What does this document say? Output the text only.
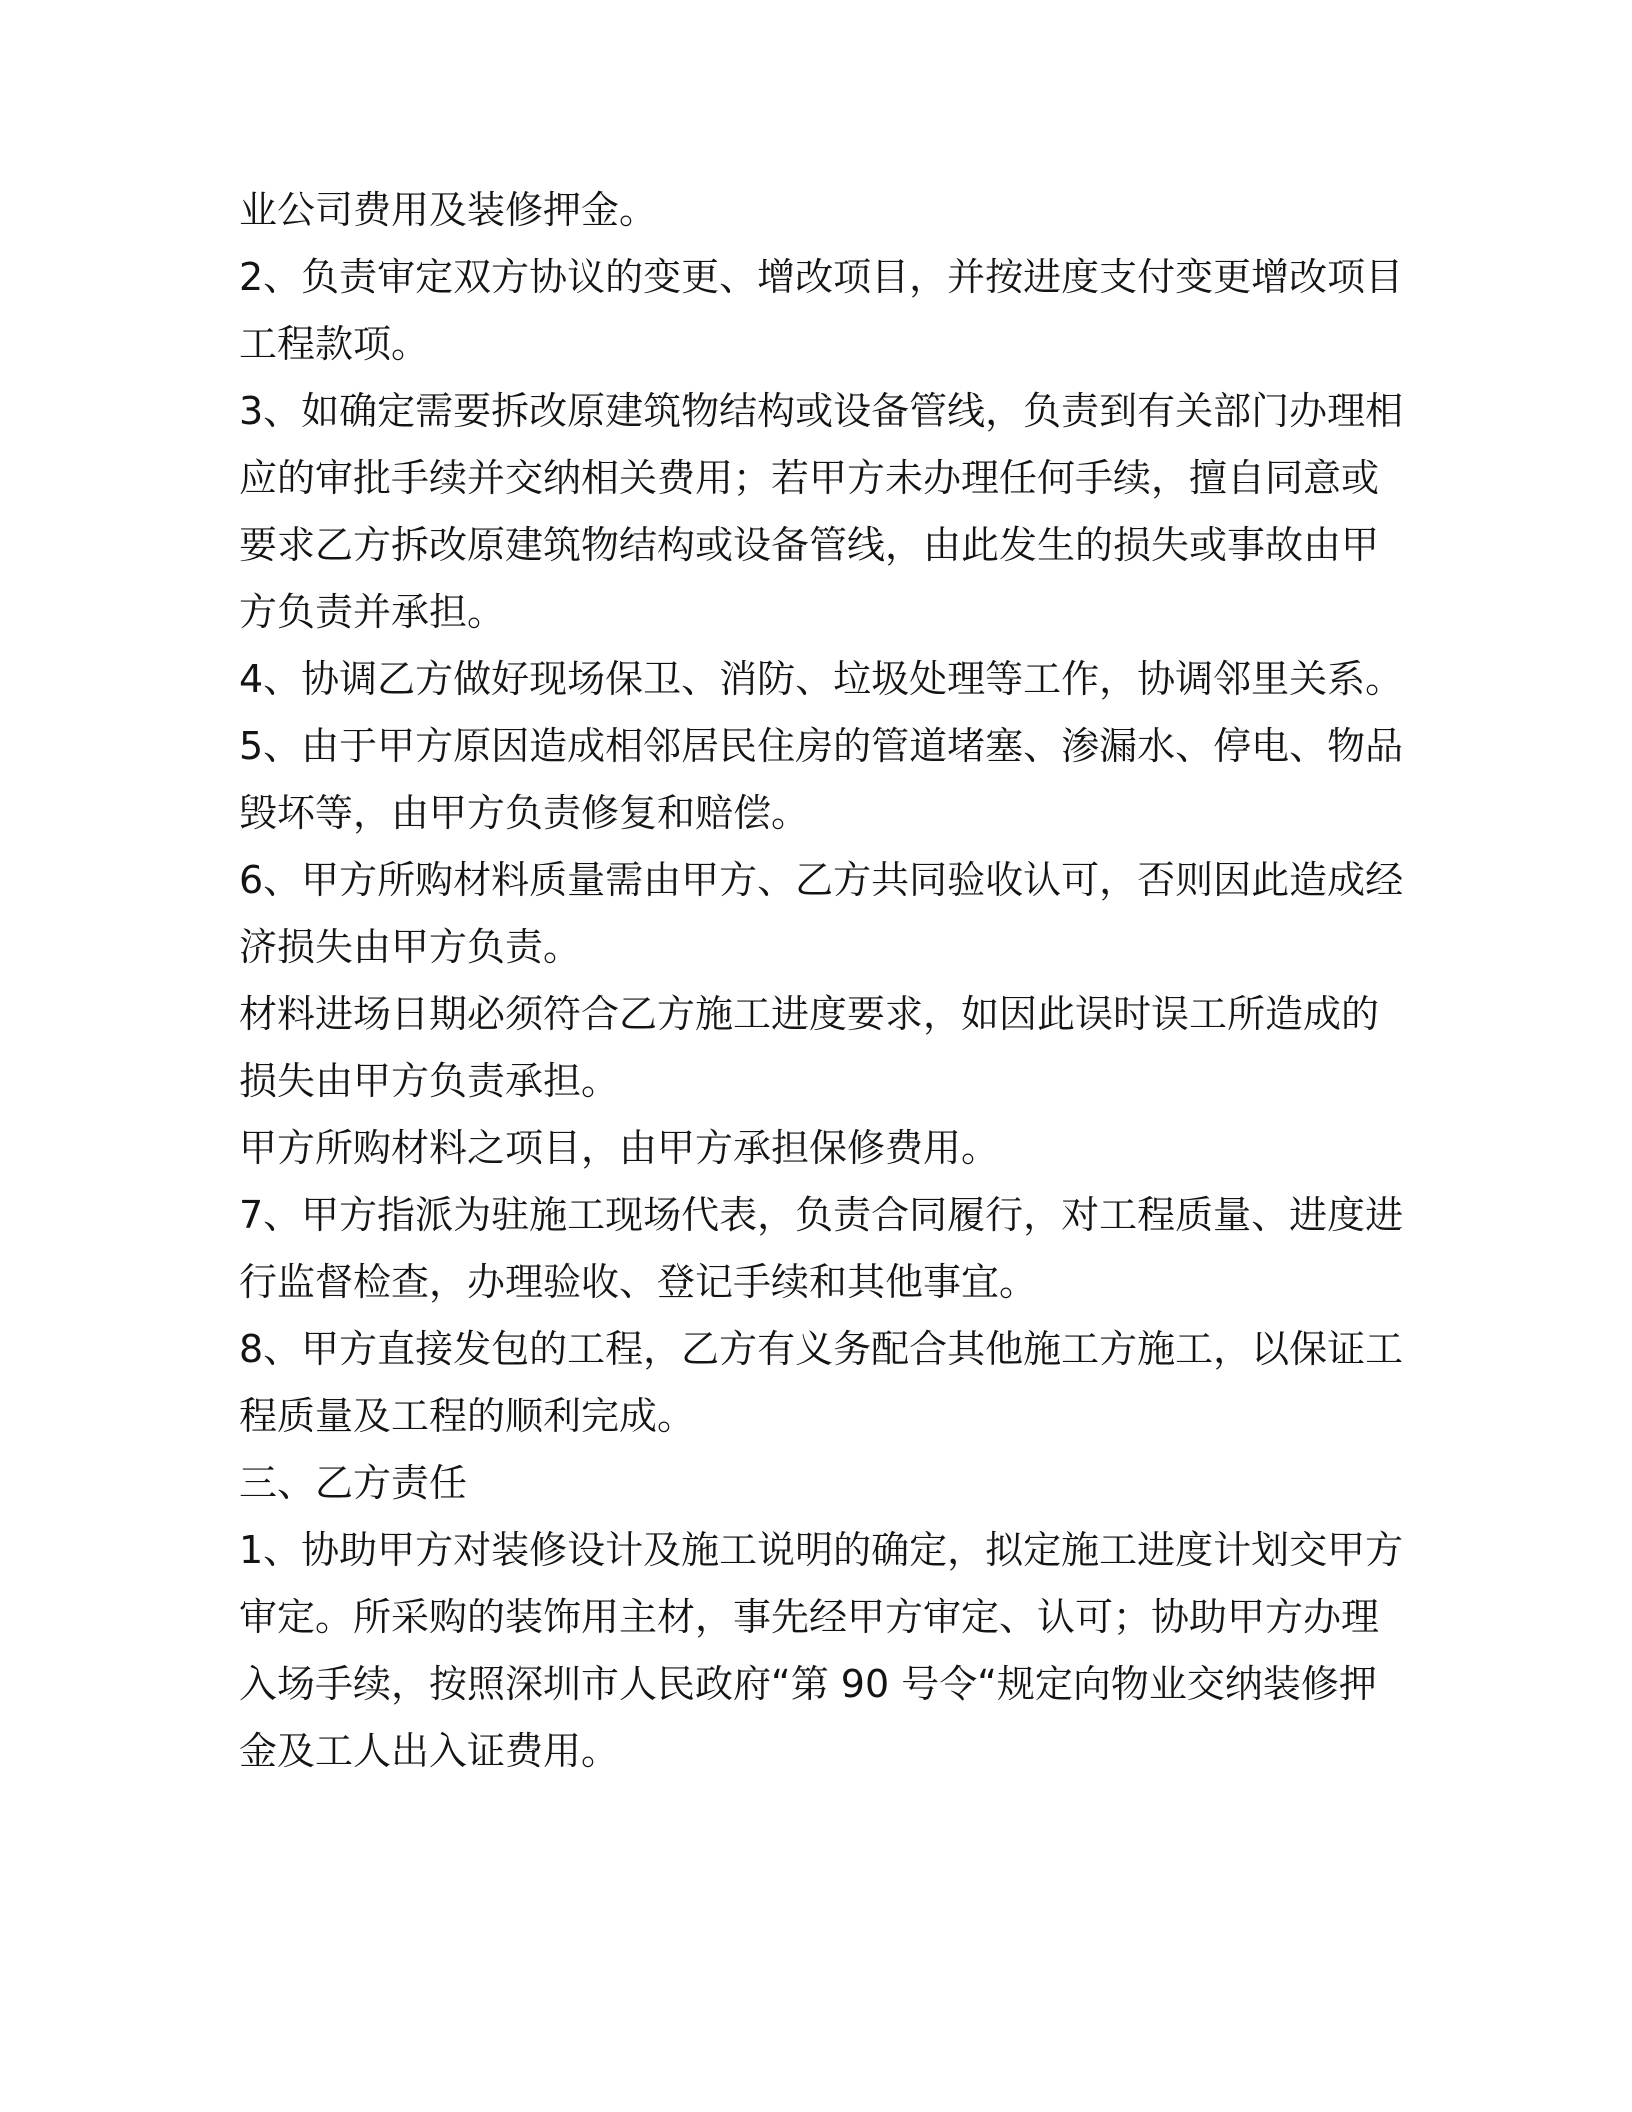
业公司费用及装修押金。

2、负责审定双方协议的变更、增改项目，并按进度支付变更增改项目

工程款项。

3、如确定需要拆改原建筑物结构或设备管线，负责到有关部门办理相

应的审批手续并交纳相关费用；若甲方未办理任何手续，擅自同意或

要求乙方拆改原建筑物结构或设备管线，由此发生的损失或事故由甲

方负责并承担。

4、协调乙方做好现场保卫、消防、垃圾处理等工作，协调邻里关系。

5、由于甲方原因造成相邻居民住房的管道堵塞、渗漏水、停电、物品

毁坏等，由甲方负责修复和赔偿。

6、甲方所购材料质量需由甲方、乙方共同验收认可，否则因此造成经

济损失由甲方负责。

材料进场日期必须符合乙方施工进度要求，如因此误时误工所造成的

损失由甲方负责承担。

甲方所购材料之项目，由甲方承担保修费用。

7、甲方指派为驻施工现场代表，负责合同履行，对工程质量、进度进

行监督检查，办理验收、登记手续和其他事宜。

8、甲方直接发包的工程，乙方有义务配合其他施工方施工，以保证工

程质量及工程的顺利完成。

三、乙方责任

1、协助甲方对装修设计及施工说明的确定，拟定施工进度计划交甲方

审定。所采购的装饰用主材，事先经甲方审定、认可；协助甲方办理

入场手续，按照深圳市人民政府“第 90 号令“规定向物业交纳装修押

金及工人出入证费用。
